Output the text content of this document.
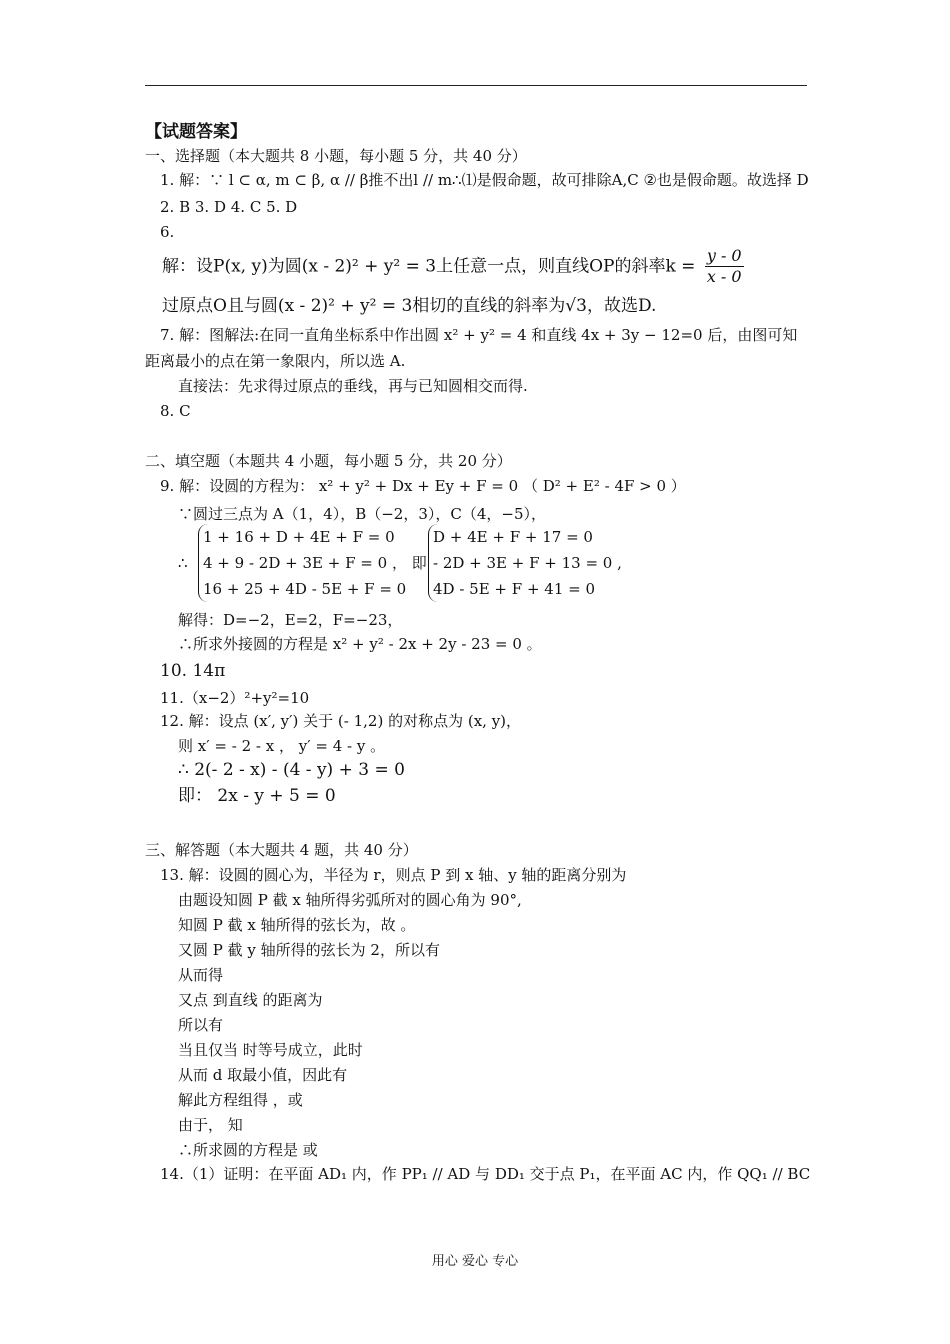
【试题答案】
一、选择题（本大题共 8 小题，每小题 5 分，共 40 分）
1. 解：∵ l ⊂ α, m ⊂ β, α // β推不出l // m∴⑴是假命题，故可排除A,C ②也是假命题。故选择 D
2. B 3. D 4. C 5. D
6.
解：设P(x, y)为圆(x - 2)² + y² = 3上任意一点，则直线OP的斜率$k = \frac{y - 0}{x - 0}$
过原点O且与圆(x - 2)² + y² = 3相切的直线的斜率为√3，故选D.
7. 解：图解法:在同一直角坐标系中作出圆 x² + y² = 4 和直线 4x + 3y − 12=0 后，由图可知
距离最小的点在第一象限内，所以选 A.
直接法：先求得过原点的垂线，再与已知圆相交而得.
8. C
二、填空题（本题共 4 小题，每小题 5 分，共 20 分）
9. 解：设圆的方程为： x² + y² + Dx + Ey + F = 0 （ D² + E² - 4F > 0 ）
∵圆过三点为 A（1，4），B（−2，3），C（4，−5），
∴
1 + 16 + D + 4E + F = 0
4 + 9 - 2D + 3E + F = 0
16 + 25 + 4D - 5E + F = 0
， 即
D + 4E + F + 17 = 0
- 2D + 3E + F + 13 = 0 ,
4D - 5E + F + 41 = 0
解得：D=−2，E=2，F=−23，
∴所求外接圆的方程是 x² + y² - 2x + 2y - 23 = 0 。
10. 14π
11.（x−2）²+y²=10
12. 解：设点 (x′, y′) 关于 (- 1,2) 的对称点为 (x, y)，
则 x′ = - 2 - x ， y′ = 4 - y 。
∴ 2(- 2 - x) - (4 - y) + 3 = 0
即： 2x - y + 5 = 0
三、解答题（本大题共 4 题，共 40 分）
13. 解：设圆的圆心为，半径为 r，则点 P 到 x 轴、y 轴的距离分别为
由题设知圆 P 截 x 轴所得劣弧所对的圆心角为 90°,
知圆 P 截 x 轴所得的弦长为，故 。
又圆 P 截 y 轴所得的弦长为 2，所以有
从而得
又点 到直线 的距离为
所以有
当且仅当 时等号成立，此时
从而 d 取最小值，因此有
解此方程组得 ，或
由于， 知
∴所求圆的方程是 或
14.（1）证明：在平面 AD₁ 内，作 PP₁ // AD 与 DD₁ 交于点 P₁，在平面 AC 内，作 QQ₁ // BC
用心 爱心 专心
